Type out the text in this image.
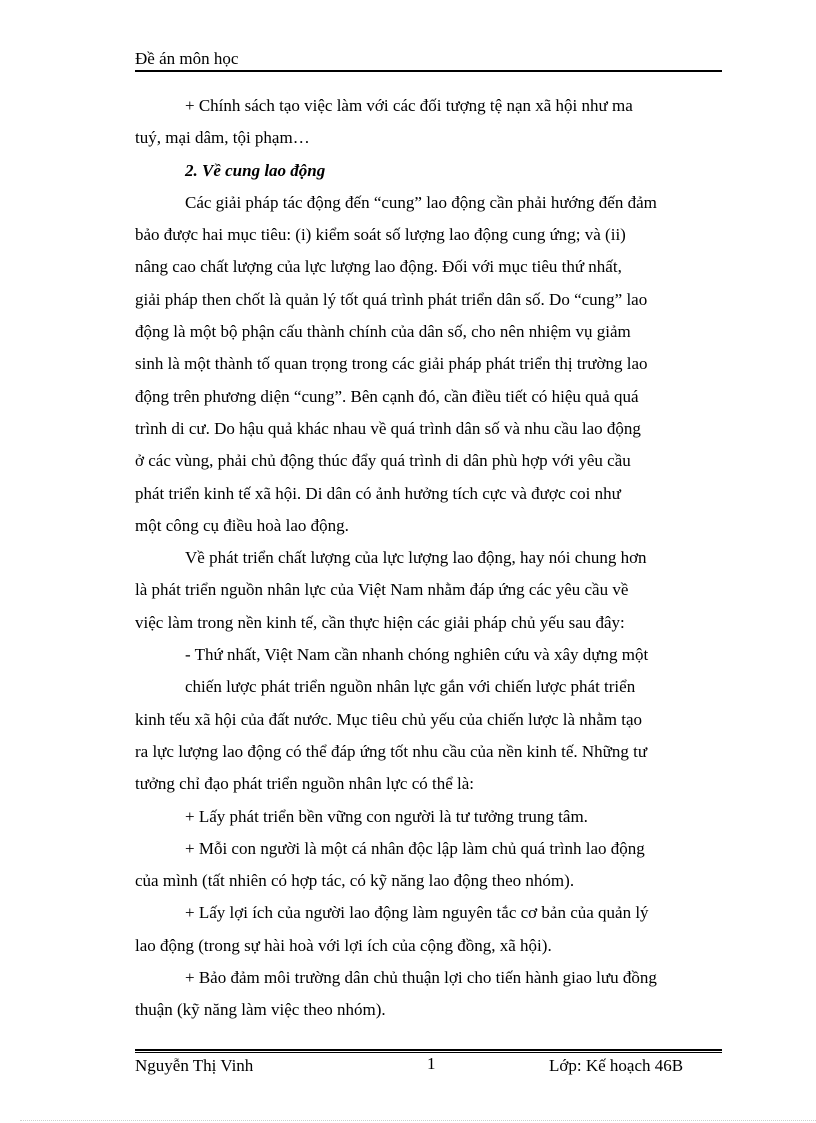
Đề án môn học
+ Chính sách tạo việc làm với các đối tượng tệ nạn xã hội như ma
tuý, mại dâm, tội phạm…
2. Về cung lao động
Các giải pháp tác động đến “cung” lao động cần phải hướng đến đảm
bảo được hai mục tiêu: (i) kiểm soát số lượng lao động cung ứng; và (ii)
nâng cao chất lượng của lực lượng lao động. Đối với mục tiêu thứ nhất,
giải pháp then chốt là quản lý tốt quá trình phát triển dân số. Do “cung” lao
động là một bộ phận cấu thành chính của dân số, cho nên nhiệm vụ giảm
sinh là một thành tố quan trọng trong các giải pháp phát triển thị trường lao
động trên phương diện “cung”. Bên cạnh đó, cần điều tiết có hiệu quả quá
trình di cư. Do hậu quả khác nhau về quá trình dân số và nhu cầu lao động
ở các vùng, phải chủ động thúc đẩy quá trình di dân phù hợp với yêu cầu
phát triển kinh tế xã hội. Di dân có ảnh hưởng tích cực và được coi như
một công cụ điều hoà lao động.
Về phát triển chất lượng của lực lượng lao động, hay nói chung hơn
là phát triển nguồn nhân lực của Việt Nam nhằm đáp ứng các yêu cầu về
việc làm trong nền kinh tế, cần thực hiện các giải pháp chủ yếu sau đây:
- Thứ nhất, Việt Nam cần nhanh chóng nghiên cứu và xây dựng một
chiến lược phát triển nguồn nhân lực gắn với chiến lược phát triển
kinh tếu xã hội của đất nước. Mục tiêu chủ yếu của chiến lược là nhằm tạo
ra lực lượng lao động có thể đáp ứng tốt nhu cầu của nền kinh tế. Những tư
tưởng chỉ đạo phát triển nguồn nhân lực có thể là:
+ Lấy phát triển bền vững con người là tư tưởng trung tâm.
+ Mỗi con người là một cá nhân độc lập làm chủ quá trình lao động
của mình (tất nhiên có hợp tác, có kỹ năng lao động theo nhóm).
+ Lấy lợi ích của người lao động làm nguyên tắc cơ bản của quản lý
lao động (trong sự hài hoà với lợi ích của cộng đồng, xã hội).
+ Bảo đảm môi trường dân chủ thuận lợi cho tiến hành giao lưu đồng
thuận (kỹ năng làm việc theo nhóm).
Nguyễn Thị Vinh	1	Lớp: Kế hoạch 46B
